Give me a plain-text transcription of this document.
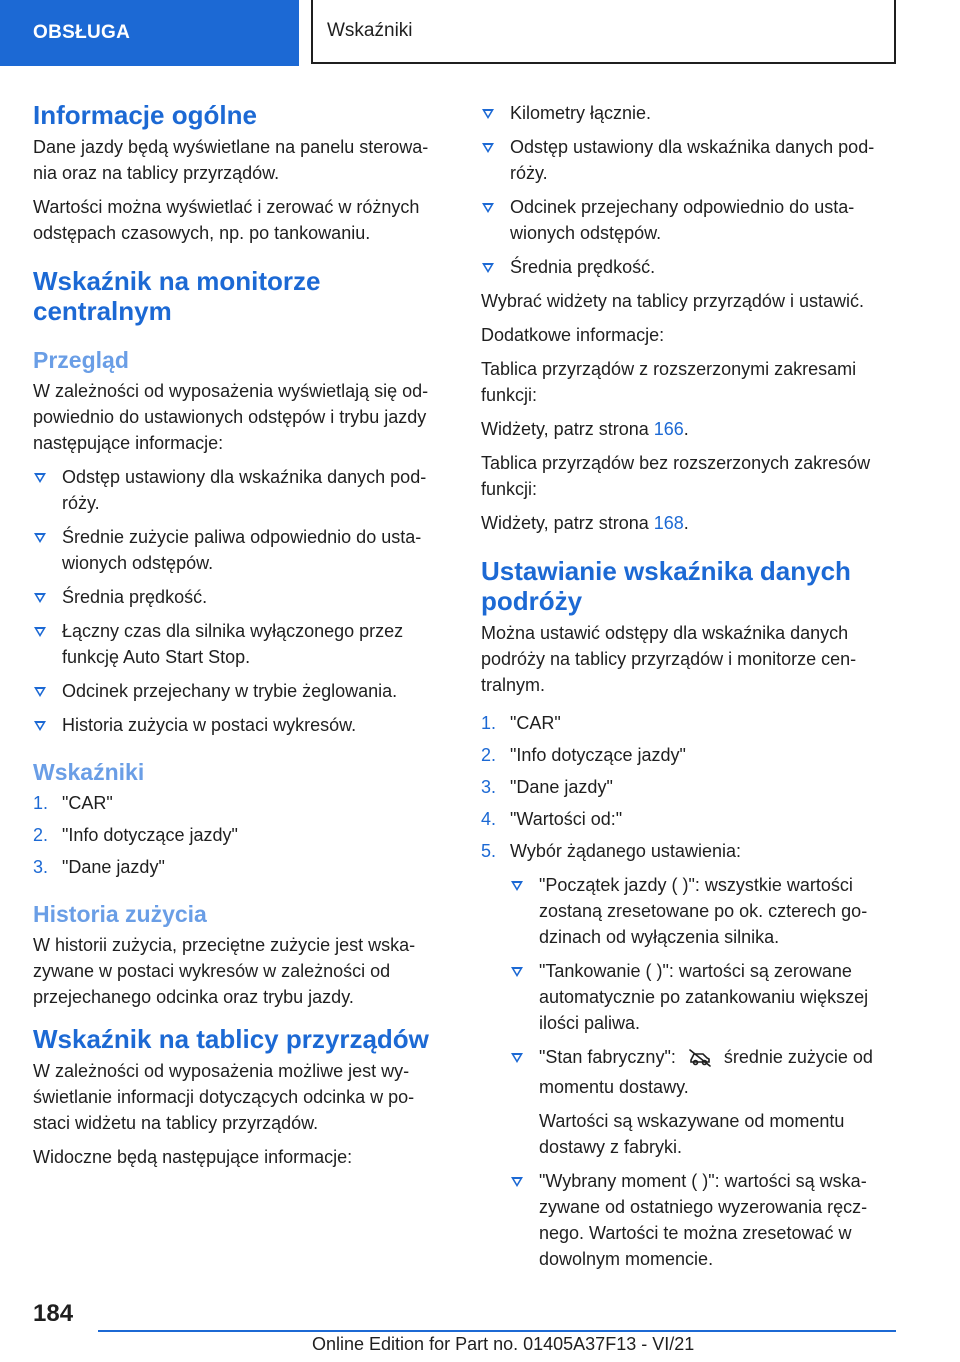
OBSŁUGA	Wskaźniki
Informacje ogólne

Dane jazdy będą wyświetlane na panelu sterowa-nia oraz na tablicy przyrządów.

Wartości można wyświetlać i zerować w różnych odstępach czasowych, np. po tankowaniu.

Wskaźnik na monitorze centralnym
Przegląd

W zależności od wyposażenia wyświetlają się od-powiednio do ustawionych odstępów i trybu jazdy następujące informacje:

Odstęp ustawiony dla wskaźnika danych pod-róży.
Średnie zużycie paliwa odpowiednio do usta-wionych odstępów.
Średnia prędkość.
Łączny czas dla silnika wyłączonego przez funkcję Auto Start Stop.
Odcinek przejechany w trybie żeglowania.
Historia zużycia w postaci wykresów.
Wskaźniki
1. "CAR"
2. "Info dotyczące jazdy"
3. "Dane jazdy"
Historia zużycia

W historii zużycia, przeciętne zużycie jest wska-zywane w postaci wykresów w zależności od przejechanego odcinka oraz trybu jazdy.

Wskaźnik na tablicy przyrządów

W zależności od wyposażenia możliwe jest wy-świetlanie informacji dotyczących odcinka w po-staci widżetu na tablicy przyrządów.

Widoczne będą następujące informacje:

Kilometry łącznie.
Odstęp ustawiony dla wskaźnika danych pod-róży.
Odcinek przejechany odpowiednio do usta-wionych odstępów.
Średnia prędkość.

Wybrać widżety na tablicy przyrządów i ustawić.

Dodatkowe informacje:

Tablica przyrządów z rozszerzonymi zakresami funkcji:

Widżety, patrz strona 166.

Tablica przyrządów bez rozszerzonych zakresów funkcji:

Widżety, patrz strona 168.

Ustawianie wskaźnika danych podróży

Można ustawić odstępy dla wskaźnika danych podróży na tablicy przyrządów i monitorze cen-tralnym.

1. "CAR"
2. "Info dotyczące jazdy"
3. "Dane jazdy"
4. "Wartości od:"
5. Wybór żądanego ustawienia:
"Początek jazdy ( )": wszystkie wartości zostaną zresetowane po ok. czterech go-dzinach od wyłączenia silnika.
"Tankowanie ( )": wartości są zerowane automatycznie po zatankowaniu większej ilości paliwa.
"Stan fabryczny":	średnie zużycie od momentu dostawy.
Wartości są wskazywane od momentu dostawy z fabryki.
"Wybrany moment ( )": wartości są wska-zywane od ostatniego wyzerowania ręcz-nego. Wartości te można zresetować w dowolnym momencie.
184
Online Edition for Part no. 01405A37F13 - VI/21
